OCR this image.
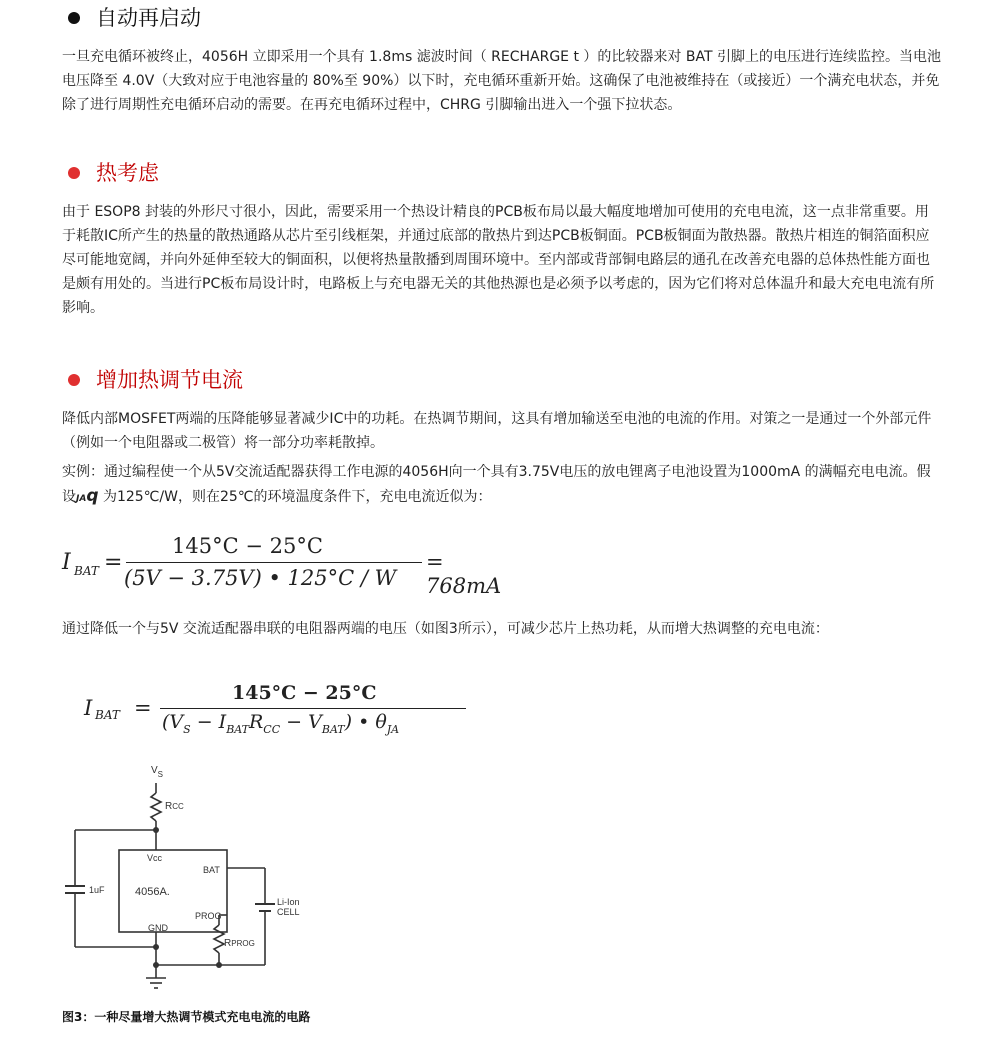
自动再启动

一旦充电循环被终止，4056H 立即采用一个具有 1.8ms 滤波时间（ RECHARGE t ）的比较器来对 BAT 引脚上的电压进行连续监控。当电池电压降至 4.0V（大致对应于电池容量的 80%至 90%）以下时，充电循环重新开始。这确保了电池被维持在（或接近）一个满充电状态，并免除了进行周期性充电循环启动的需要。在再充电循环过程中，CHRG 引脚输出进入一个强下拉状态。

热考虑

由于 ESOP8 封装的外形尺寸很小，因此，需要采用一个热设计精良的PCB板布局以最大幅度地增加可使用的充电电流，这一点非常重要。用于耗散IC所产生的热量的散热通路从芯片至引线框架，并通过底部的散热片到达PCB板铜面。PCB板铜面为散热器。散热片相连的铜箔面积应尽可能地宽阔，并向外延伸至较大的铜面积，以便将热量散播到周围环境中。至内部或背部铜电路层的通孔在改善充电器的总体热性能方面也是颇有用处的。当进行PC板布局设计时，电路板上与充电器无关的其他热源也是必须予以考虑的，因为它们将对总体温升和最大充电电流有所影响。

增加热调节电流

降低内部MOSFET两端的压降能够显著减少IC中的功耗。在热调节期间，这具有增加输送至电池的电流的作用。对策之一是通过一个外部元件（例如一个电阻器或二极管）将一部分功率耗散掉。

实例：通过编程使一个从5V交流适配器获得工作电源的4056H向一个具有3.75V电压的放电锂离子电池设置为1000mA 的满幅充电电流。假设JAq 为125℃/W，则在25℃的环境温度条件下，充电电流近似为：

I BAT =
145°C − 25°C
(5V − 3.75V) • 125°C / W
= 768mA

通过降低一个与5V 交流适配器串联的电阻器两端的电压（如图3所示），可减少芯片上热功耗，从而增大热调整的充电电流：

I BAT =
145°C − 25°C
$(V_S - I_{BAT}R_{CC} - V_{BAT})$ • $\theta_{JA}$
$V_S$
RCC
Vcc
BAT
4056A.
PROG
GND
1uF
RPROG
Li-Ion
CELL
图3：一种尽量增大热调节模式充电电流的电路
